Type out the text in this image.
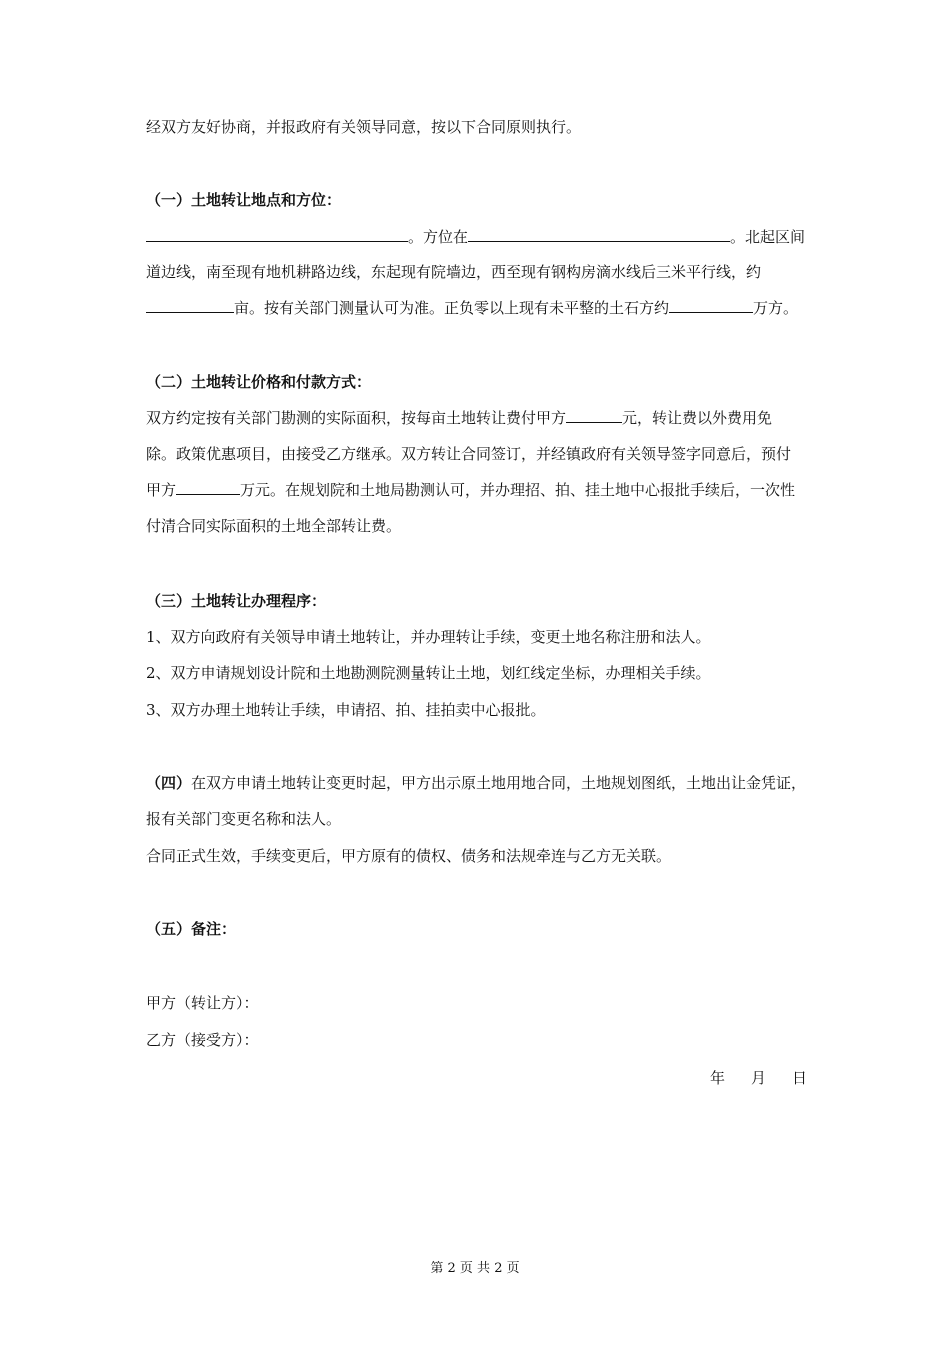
经双方友好协商，并报政府有关领导同意，按以下合同原则执行。
（一）土地转让地点和方位：
。方位在	。北起区间
道边线，南至现有地机耕路边线，东起现有院墙边，西至现有钢构房滴水线后三米平行线，约
亩。按有关部门测量认可为准。正负零以上现有未平整的土石方约	万方。
（二）土地转让价格和付款方式：
双方约定按有关部门勘测的实际面积，按每亩土地转让费付甲方	元，转让费以外费用免
除。政策优惠项目，由接受乙方继承。双方转让合同签订，并经镇政府有关领导签字同意后，预付
甲方	万元。在规划院和土地局勘测认可，并办理招、拍、挂土地中心报批手续后，一次性
付清合同实际面积的土地全部转让费。
（三）土地转让办理程序：
1、双方向政府有关领导申请土地转让，并办理转让手续，变更土地名称注册和法人。
2、双方申请规划设计院和土地勘测院测量转让土地，划红线定坐标，办理相关手续。
3、双方办理土地转让手续，申请招、拍、挂拍卖中心报批。
（四）在双方申请土地转让变更时起，甲方出示原土地用地合同，土地规划图纸，土地出让金凭证，
报有关部门变更名称和法人。
合同正式生效，手续变更后，甲方原有的债权、债务和法规牵连与乙方无关联。
（五）备注：
甲方（转让方）：
乙方（接受方）：
年 月 日
第 2 页 共 2 页
